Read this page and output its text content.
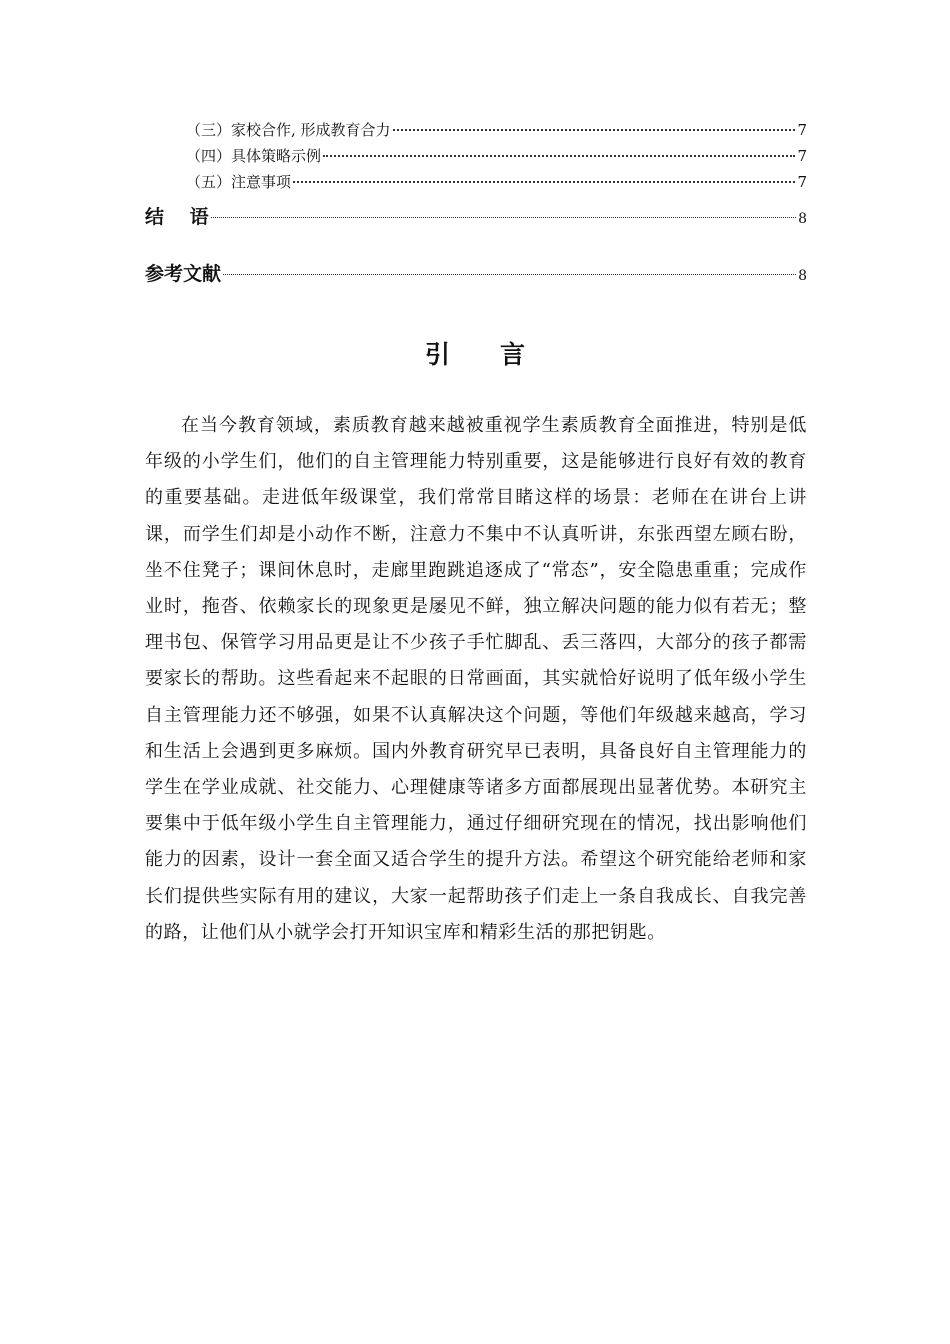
（三）家校合作, 形成教育合力	7
（四）具体策略示例	7
（五）注意事项	7
结　 语	8
参考文献	8
引　　言

在当今教育领域，素质教育越来越被重视学生素质教育全面推进，特别是低年级的小学生们，他们的自主管理能力特别重要，这是能够进行良好有效的教育　的重要基础。走进低年级课堂，我们常常目睹这样的场景：老师在在讲台上讲课，而学生们却是小动作不断，注意力不集中不认真听讲，东张西望左顾右盼，坐不住凳子；课间休息时，走廊里跑跳追逐成了“常态”，安全隐患重重；完成作业时，拖沓、依赖家长的现象更是屡见不鲜，独立解决问题的能力似有若无；整理书包、保管学习用品更是让不少孩子手忙脚乱、丢三落四，大部分的孩子都需要家长的帮助。这些看起来不起眼的日常画面，其实就恰好说明了低年级小学生自主管理能力还不够强，如果不认真解决这个问题，等他们年级越来越高，学习和生活上会遇到更多麻烦。国内外教育研究早已表明，具备良好自主管理能力的学生在学业成就、社交能力、心理健康等诸多方面都展现出显著优势。本研究主要集中于低年级小学生自主管理能力，通过仔细研究现在的情况，找出影响他们能力的因素，设计一套全面又适合学生的提升方法。希望这个研究能给老师和家长们提供些实际有用的建议，大家一起帮助孩子们走上一条自我成长、自我完善的路，让他们从小就学会打开知识宝库和精彩生活的那把钥匙。
